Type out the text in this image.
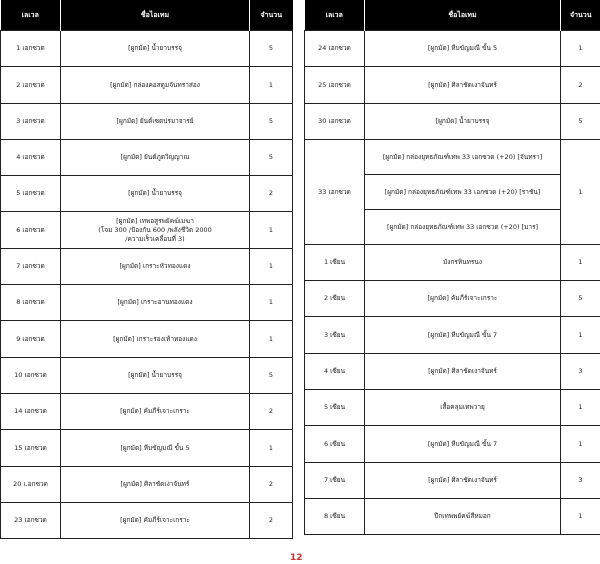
เลเวล	ชื่อไอเทม	จำนวน
1 เอกซวด	[ผูกมัด] น้ำยาบรรจุ	5
2 เอกซวด	[ผูกมัด] กล่องคอสตูมจันทราส่อง	1
3 เอกซวด	[ผูกมัด] ยันต์เซตปรมาจารย์	5
4 เอกซวด	[ผูกมัด] ยันต์ภูตวิญญาณ	5
5 เอกซวด	[ผูกมัด] น้ำยาบรรจุ	2
6 เอกซวด	[ผูกมัด] เทพอสูรพยัคฆ์เมฆา
(โจม 300 /ป้องกัน 600 /พลังชีวิต 2000
/ความเร็วเคลื่อนที่ 3)	1
7 เอกซวด	[ผูกมัด] เกราะหัวทองแดง	1
8 เอกซวด	[ผูกมัด] เกราะอานทองแดง	1
9 เอกซวด	[ผูกมัด] เกราะรองเท้าทองแดง	1
10 เอกซวด	[ผูกมัด] น้ำยาบรรจุ	5
14 เอกซวด	[ผูกมัด] คัมภีร์เจาะเกราะ	2
15 เอกซวด	[ผูกมัด] หีบขัญมณี ขั้น 5	1
20 เ.อกซวด	[ผูกมัด] ศิลาชัดเงาจันทร์	2
23 เอกซวด	[ผูกมัด] คัมภีร์เจาะเกราะ	2
เลเวล	ชื่อไอเทม	จำนวน
24 เอกซวด	[ผูกมัด] หีบขัญมณี ขั้น 5	1
25 เอกซวด	[ผูกมัด] ศิลาชัดเงาจันทร์	2
30 เอกซวด	[ผูกมัด] น้ำยาบรรจุ	5
33 เอกซวด	[ผูกมัด] กล่องยุทธภัณฑ์เทพ 33 เอกซวด (+20) [จันทรา]	1
	[ผูกมัด] กล่องยุทธภัณฑ์เทพ 33 เอกซวด (+20) [ราชัน]	
	[ผูกมัด] กล่องยุทธภัณฑ์เทพ 33 เอกซวด (+20) [มาร]	
1 เซียน	มังกรหินทรนง	1
2 เซียน	[ผูกมัด] คัมภีร์เจาะเกราะ	5
3 เซียน	[ผูกมัด] หีบขัญมณี ขั้น 7	1
4 เซียน	[ผูกมัด] ศิลาชัดเงาจันทร์	3
5 เซียน	เสื้อคลุมเทพวายุ	1
6 เซียน	[ผูกมัด] หีบขัญมณี ขั้น 7	1
7 เซียน	[ผูกมัด] ศิลาชัดเงาจันทร์	3
8 เซียน	ปีกเทพพยัคฆ์สีหมอก	1
12
